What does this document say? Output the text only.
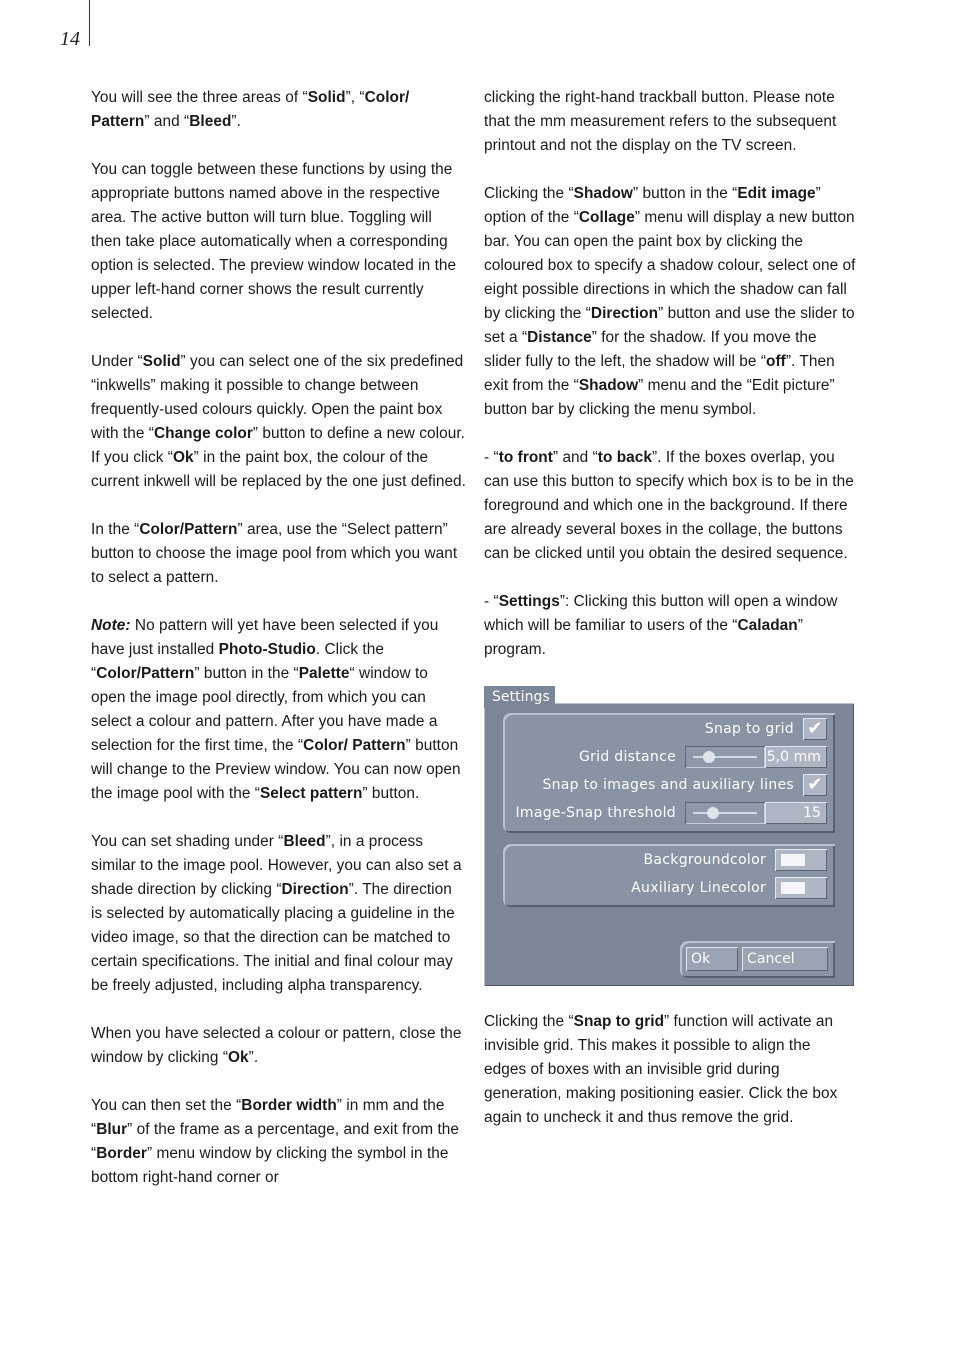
14

You will see the three areas of “Solid”, “Color/ Pattern” and “Bleed”.

You can toggle between these functions by using the appropriate buttons named above in the respective area. The active button will turn blue. Toggling will then take place automatically when a corresponding option is selected. The preview window located in the upper left-hand corner shows the result currently selected.

Under “Solid” you can select one of the six predefined “inkwells” making it possible to change between frequently-used colours quickly. Open the paint box with the “Change color” button to define a new colour. If you click “Ok” in the paint box, the colour of the current inkwell will be replaced by the one just defined.

In the “Color/Pattern” area, use the “Select pattern” button to choose the image pool from which you want to select a pattern.

Note: No pattern will yet have been selected if you have just installed Photo-Studio. Click the “Color/Pattern” button in the “Palette“ window to open the image pool directly, from which you can select a colour and pattern. After you have made a selection for the first time, the “Color/ Pattern” button will change to the Preview window. You can now open the image pool with the “Select pattern” button.

You can set shading under “Bleed”, in a process similar to the image pool. However, you can also set a shade direction by clicking “Direction”. The direction is selected by automatically placing a guideline in the video image, so that the direction can be matched to certain specifications. The initial and final colour may be freely adjusted, including alpha transparency.

When you have selected a colour or pattern, close the window by clicking “Ok”.

You can then set the “Border width” in mm and the “Blur” of the frame as a percentage, and exit from the “Border” menu window by clicking the symbol in the bottom right-hand corner or

clicking the right-hand trackball button. Please note that the mm measurement refers to the subsequent printout and not the display on the TV screen.

Clicking the “Shadow” button in the “Edit image” option of the “Collage” menu will display a new button bar. You can open the paint box by clicking the coloured box to specify a shadow colour, select one of eight possible directions in which the shadow can fall by clicking the “Direction” button and use the slider to set a “Distance” for the shadow. If you move the slider fully to the left, the shadow will be “off”. Then exit from the “Shadow” menu and the “Edit picture” button bar by clicking the menu symbol.

- “to front” and “to back”. If the boxes overlap, you can use this button to specify which box is to be in the foreground and which one in the background. If there are already several boxes in the collage, the buttons can be clicked until you obtain the desired sequence.

- “Settings”: Clicking this button will open a window which will be familiar to users of the “Caladan” program.

Snap to grid ✔
Grid distance	5,0 mm
Snap to images and auxiliary lines ✔
Image-Snap threshold	15
Backgroundcolor
Auxiliary Linecolor
Ok	Cancel
Settings

Clicking the “Snap to grid” function will activate an invisible grid. This makes it possible to align the edges of boxes with an invisible grid during generation, making positioning easier. Click the box again to uncheck it and thus remove the grid.
